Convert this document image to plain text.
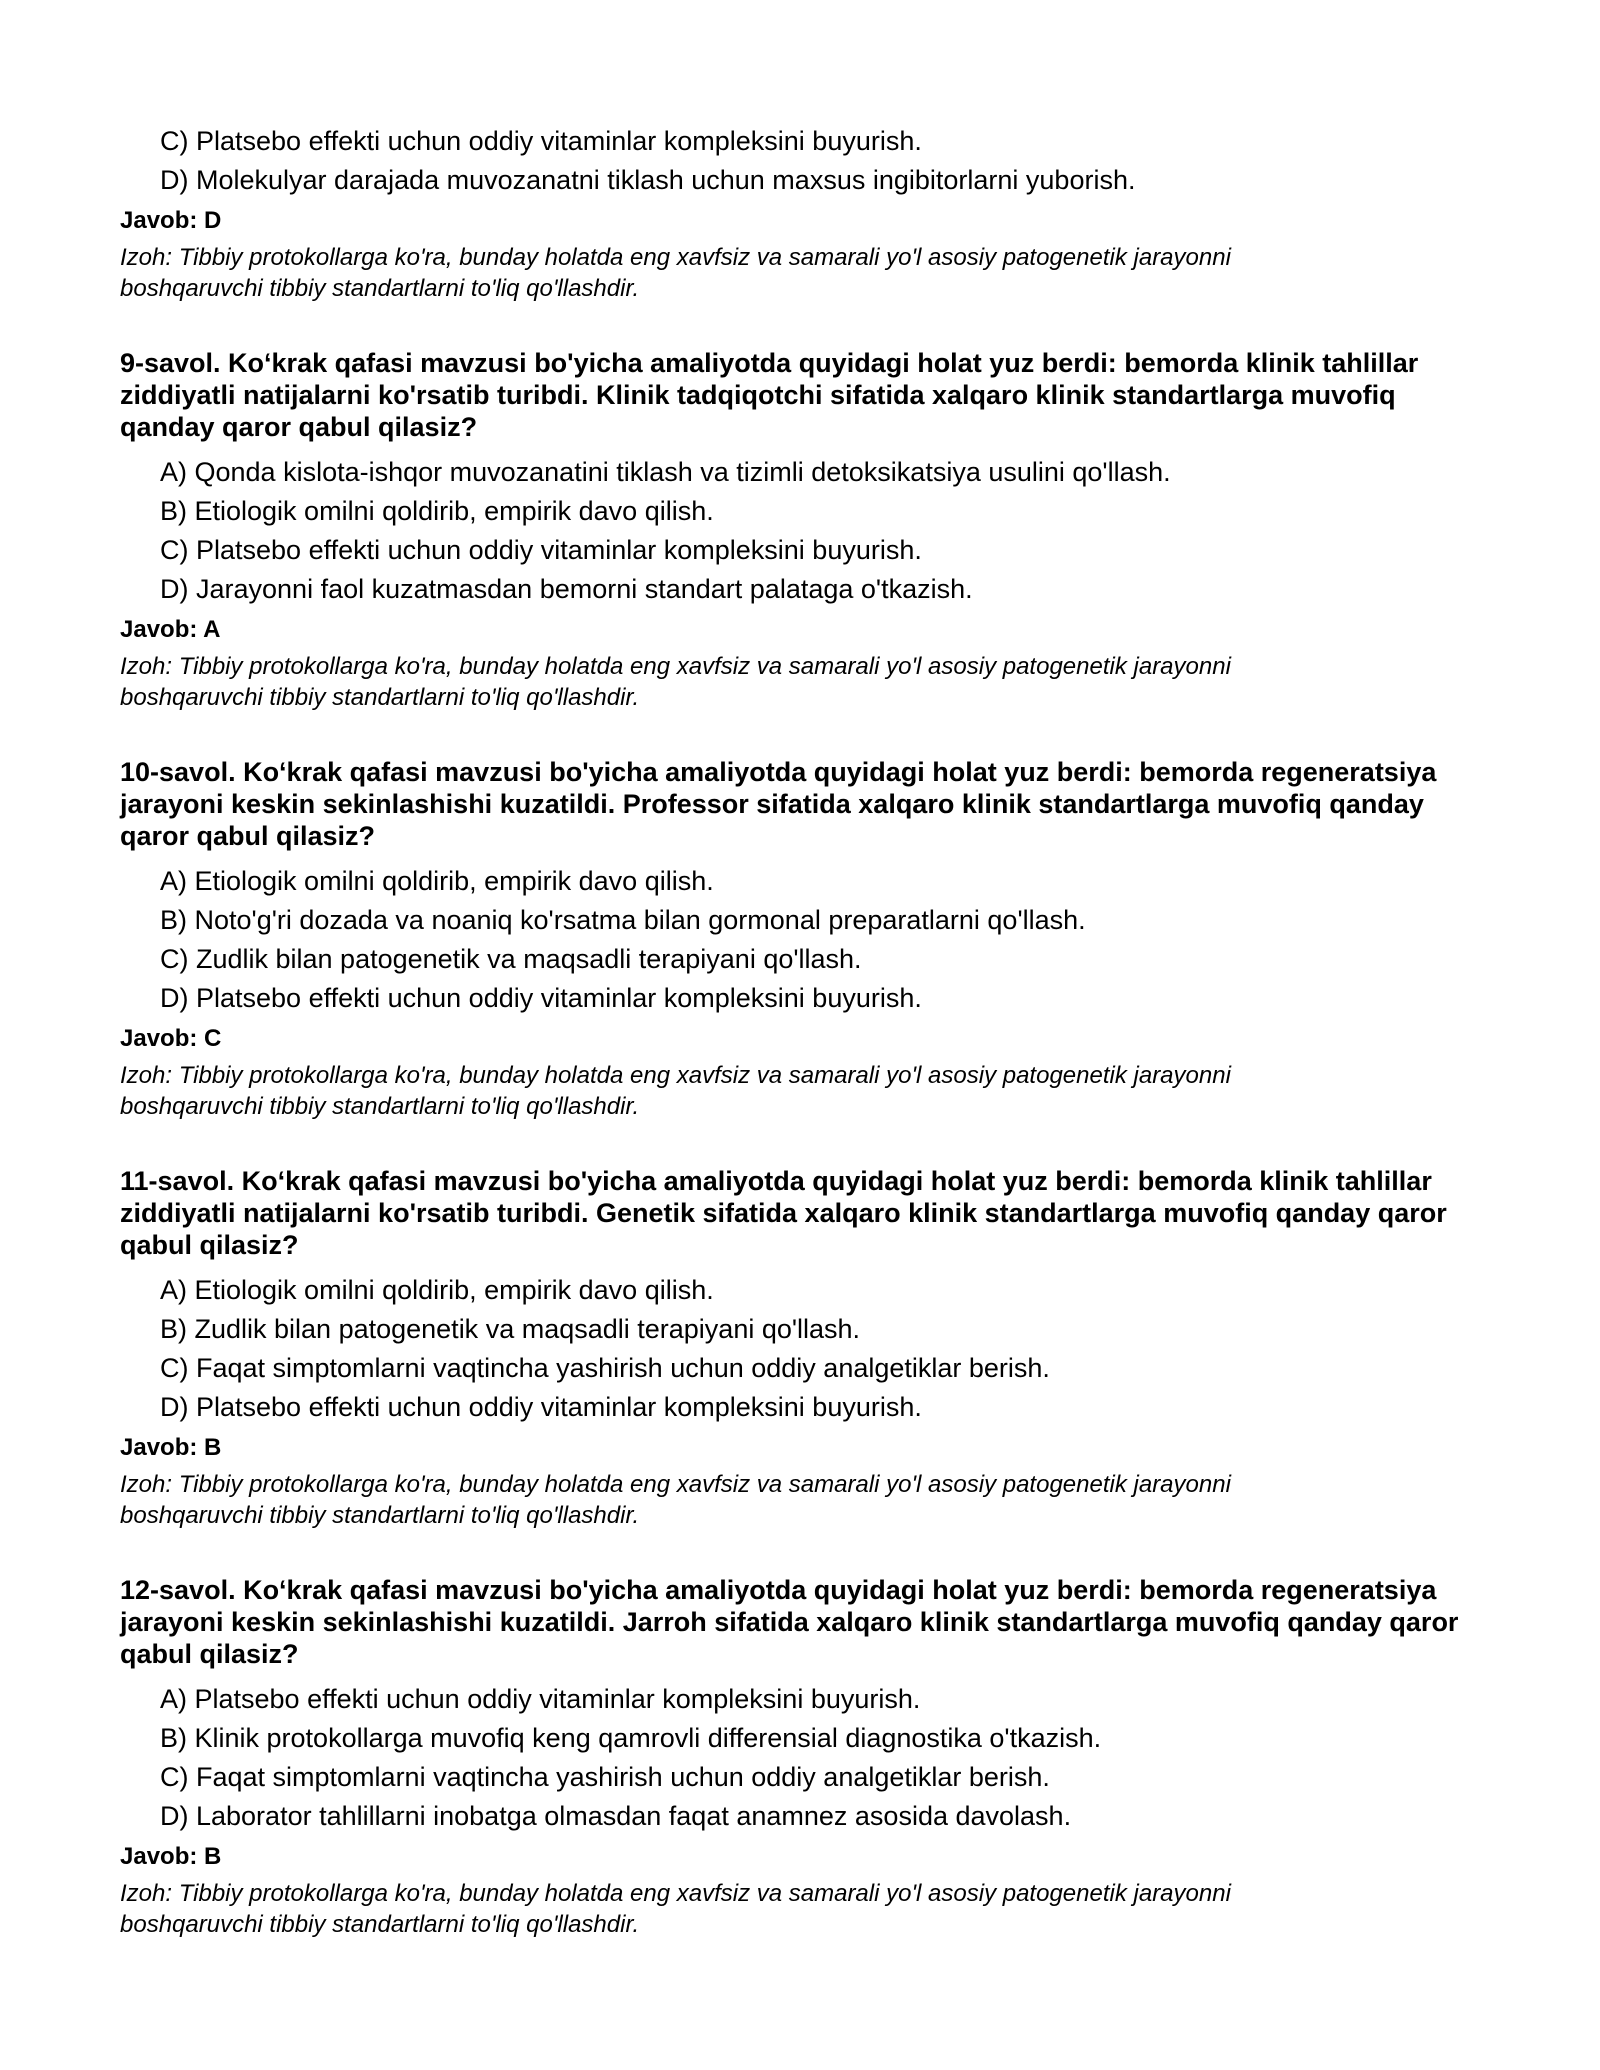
C) Platsebo effekti uchun oddiy vitaminlar kompleksini buyurish.
D) Molekulyar darajada muvozanatni tiklash uchun maxsus ingibitorlarni yuborish.

Javob: D

Izoh: Tibbiy protokollarga ko'ra, bunday holatda eng xavfsiz va samarali yo'l asosiy patogenetik jarayonni boshqaruvchi tibbiy standartlarni to'liq qo'llashdir.

9-savol. Ko‘krak qafasi mavzusi bo'yicha amaliyotda quyidagi holat yuz berdi: bemorda klinik tahlillar ziddiyatli natijalarni ko'rsatib turibdi. Klinik tadqiqotchi sifatida xalqaro klinik standartlarga muvofiq qanday qaror qabul qilasiz?

A) Qonda kislota-ishqor muvozanatini tiklash va tizimli detoksikatsiya usulini qo'llash.
B) Etiologik omilni qoldirib, empirik davo qilish.
C) Platsebo effekti uchun oddiy vitaminlar kompleksini buyurish.
D) Jarayonni faol kuzatmasdan bemorni standart palataga o'tkazish.

Javob: A

Izoh: Tibbiy protokollarga ko'ra, bunday holatda eng xavfsiz va samarali yo'l asosiy patogenetik jarayonni boshqaruvchi tibbiy standartlarni to'liq qo'llashdir.

10-savol. Ko‘krak qafasi mavzusi bo'yicha amaliyotda quyidagi holat yuz berdi: bemorda regeneratsiya jarayoni keskin sekinlashishi kuzatildi. Professor sifatida xalqaro klinik standartlarga muvofiq qanday qaror qabul qilasiz?

A) Etiologik omilni qoldirib, empirik davo qilish.
B) Noto'g'ri dozada va noaniq ko'rsatma bilan gormonal preparatlarni qo'llash.
C) Zudlik bilan patogenetik va maqsadli terapiyani qo'llash.
D) Platsebo effekti uchun oddiy vitaminlar kompleksini buyurish.

Javob: C

Izoh: Tibbiy protokollarga ko'ra, bunday holatda eng xavfsiz va samarali yo'l asosiy patogenetik jarayonni boshqaruvchi tibbiy standartlarni to'liq qo'llashdir.

11-savol. Ko‘krak qafasi mavzusi bo'yicha amaliyotda quyidagi holat yuz berdi: bemorda klinik tahlillar ziddiyatli natijalarni ko'rsatib turibdi. Genetik sifatida xalqaro klinik standartlarga muvofiq qanday qaror qabul qilasiz?

A) Etiologik omilni qoldirib, empirik davo qilish.
B) Zudlik bilan patogenetik va maqsadli terapiyani qo'llash.
C) Faqat simptomlarni vaqtincha yashirish uchun oddiy analgetiklar berish.
D) Platsebo effekti uchun oddiy vitaminlar kompleksini buyurish.

Javob: B

Izoh: Tibbiy protokollarga ko'ra, bunday holatda eng xavfsiz va samarali yo'l asosiy patogenetik jarayonni boshqaruvchi tibbiy standartlarni to'liq qo'llashdir.

12-savol. Ko‘krak qafasi mavzusi bo'yicha amaliyotda quyidagi holat yuz berdi: bemorda regeneratsiya jarayoni keskin sekinlashishi kuzatildi. Jarroh sifatida xalqaro klinik standartlarga muvofiq qanday qaror qabul qilasiz?

A) Platsebo effekti uchun oddiy vitaminlar kompleksini buyurish.
B) Klinik protokollarga muvofiq keng qamrovli differensial diagnostika o'tkazish.
C) Faqat simptomlarni vaqtincha yashirish uchun oddiy analgetiklar berish.
D) Laborator tahlillarni inobatga olmasdan faqat anamnez asosida davolash.

Javob: B

Izoh: Tibbiy protokollarga ko'ra, bunday holatda eng xavfsiz va samarali yo'l asosiy patogenetik jarayonni boshqaruvchi tibbiy standartlarni to'liq qo'llashdir.
